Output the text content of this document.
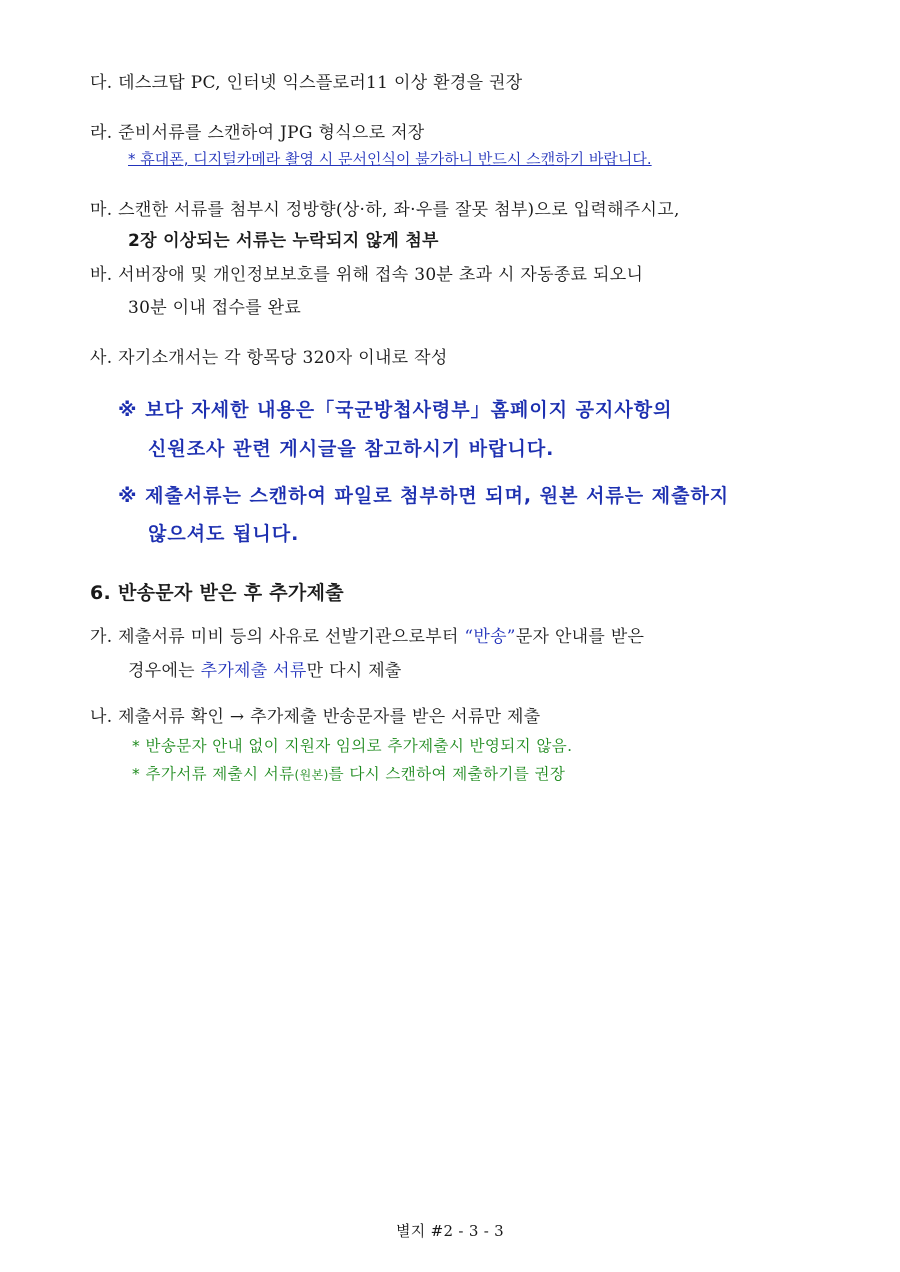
다. 데스크탑 PC, 인터넷 익스플로러11 이상 환경을 권장
라. 준비서류를 스캔하여 JPG 형식으로 저장
* 휴대폰, 디지털카메라 촬영 시 문서인식이 불가하니 반드시 스캔하기 바랍니다.
마. 스캔한 서류를 첨부시 정방향(상·하, 좌·우를 잘못 첨부)으로 입력해주시고,
2장 이상되는 서류는 누락되지 않게 첨부
바. 서버장애 및 개인정보보호를 위해 접속 30분 초과 시 자동종료 되오니
30분 이내 접수를 완료
사. 자기소개서는 각 항목당 320자 이내로 작성
※ 보다 자세한 내용은「국군방첩사령부」홈페이지 공지사항의
신원조사 관련 게시글을 참고하시기 바랍니다.
※ 제출서류는 스캔하여 파일로 첨부하면 되며, 원본 서류는 제출하지
않으셔도 됩니다.
6. 반송문자 받은 후 추가제출
가. 제출서류 미비 등의 사유로 선발기관으로부터 “반송”문자 안내를 받은
경우에는 추가제출 서류만 다시 제출
나. 제출서류 확인 → 추가제출 반송문자를 받은 서류만 제출
* 반송문자 안내 없이 지원자 임의로 추가제출시 반영되지 않음.
* 추가서류 제출시 서류(원본)를 다시 스캔하여 제출하기를 권장
별지 #2 - 3 - 3
